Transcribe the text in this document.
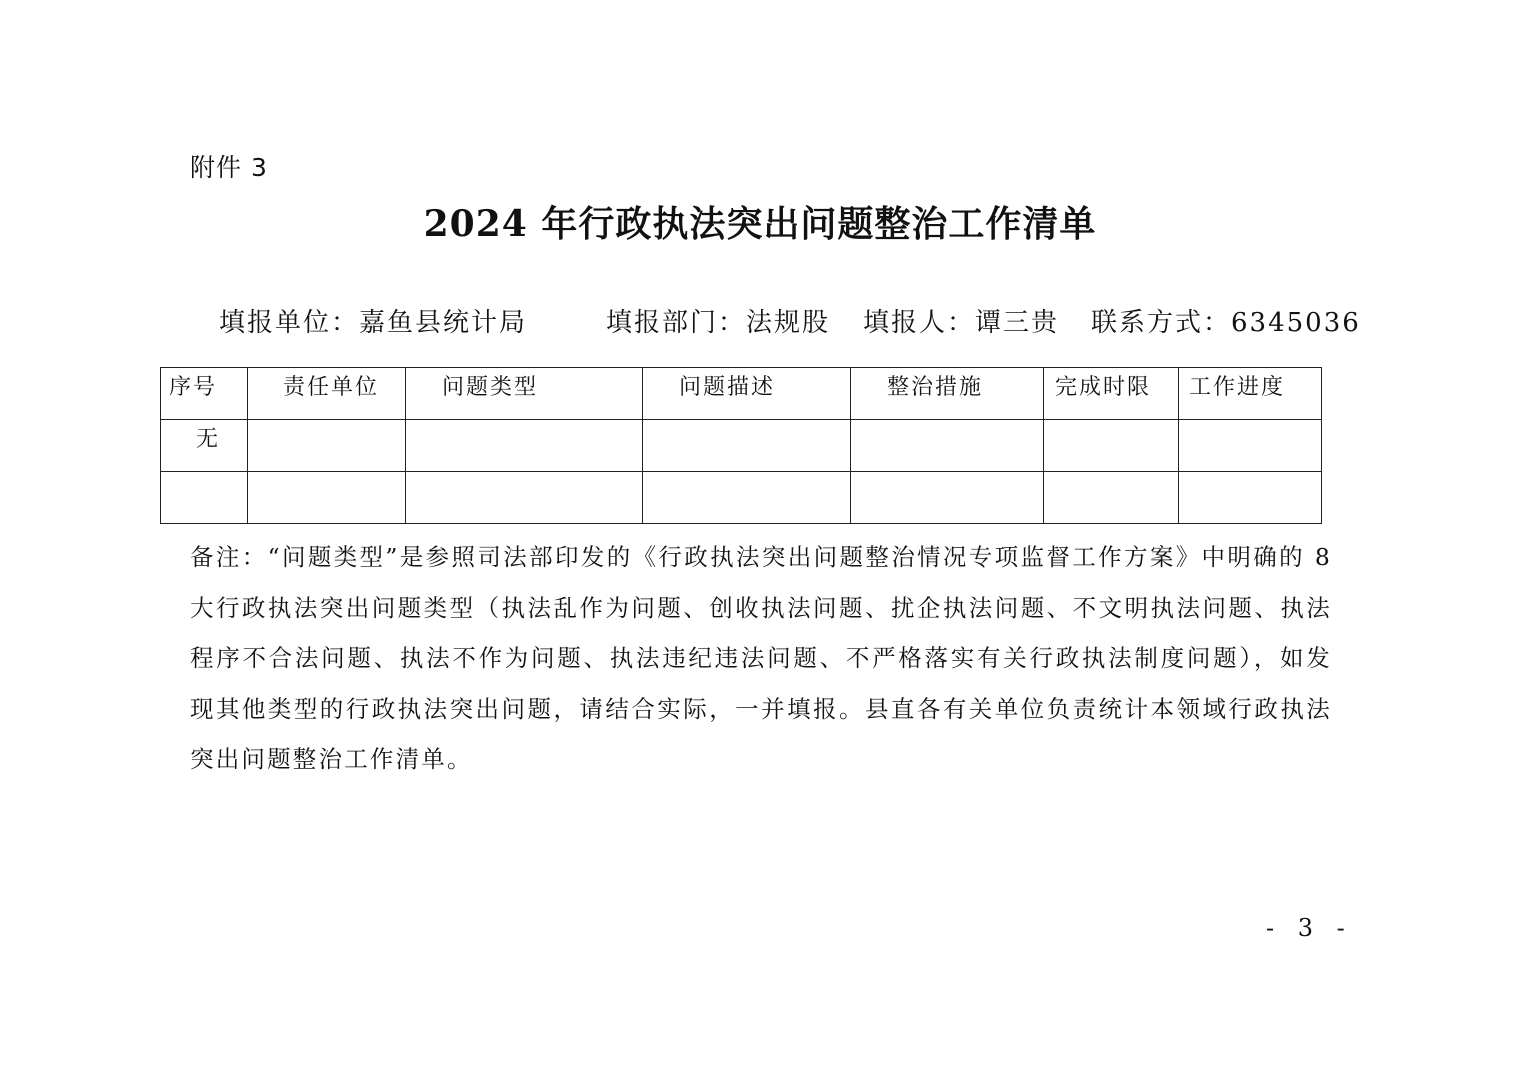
附件 3
2024 年行政执法突出问题整治工作清单
填报单位：嘉鱼县统计局	填报部门：法规股 填报人：谭三贵 联系方式：6345036
序号	责任单位	问题类型	问题描述	整治措施	完成时限	工作进度
无						

备注：“问题类型”是参照司法部印发的《行政执法突出问题整治情况专项监督工作方案》中明确的 8 大行政执法突出问题类型（执法乱作为问题、创收执法问题、扰企执法问题、不文明执法问题、执法程序不合法问题、执法不作为问题、执法违纪违法问题、不严格落实有关行政执法制度问题），如发现其他类型的行政执法突出问题，请结合实际，一并填报。县直各有关单位负责统计本领域行政执法突出问题整治工作清单。
- 3 -
